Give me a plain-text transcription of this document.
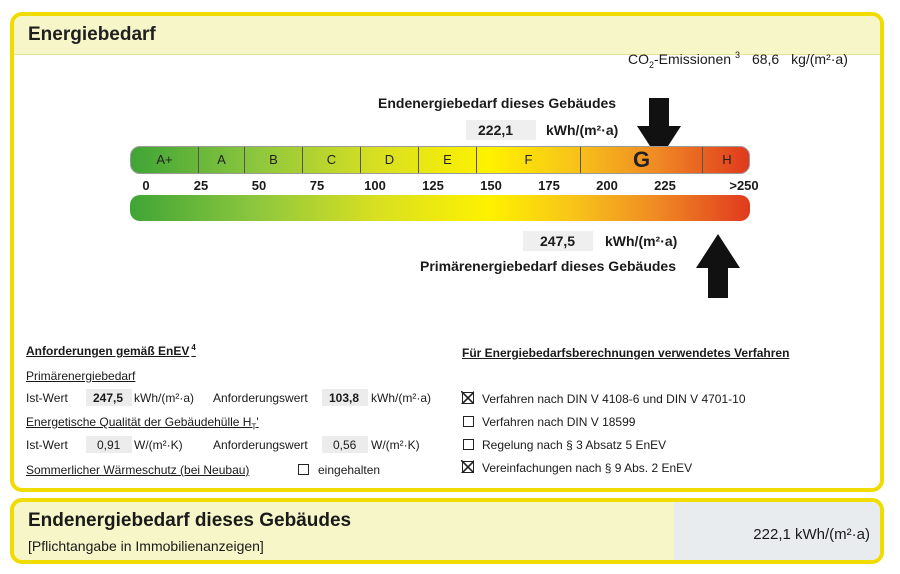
Energiebedarf
$CO_2$-Emissionen $^3$ 68,6 kg/(m²·a)
Endenergiebedarf dieses Gebäudes
222,1 kWh/(m²·a)
A+	A	B	C	D	E	F	G	H
0	25	50	75	100	125	150	175	200	225	>250
247,5 kWh/(m²·a)
Primärenergiebedarf dieses Gebäudes
Anforderungen gemäß EnEV $^4$
Primärenergiebedarf
Ist-Wert 247,5 kWh/(m²·a) Anforderungswert 103,8 kWh/(m²·a)
Energetische Qualität der Gebäudehülle $H_T'$
Ist-Wert 0,91 W/(m²·K)	Anforderungswert 0,56 W/(m²·K)
Sommerlicher Wärmeschutz (bei Neubau)	eingehalten
Für Energiebedarfsberechnungen verwendetes Verfahren
Verfahren nach DIN V 4108-6 und DIN V 4701-10
Verfahren nach DIN V 18599
Regelung nach § 3 Absatz 5 EnEV
Vereinfachungen nach § 9 Abs. 2 EnEV
Endenergiebedarf dieses Gebäudes
[Pflichtangabe in Immobilienanzeigen]
222,1 kWh/(m²·a)
